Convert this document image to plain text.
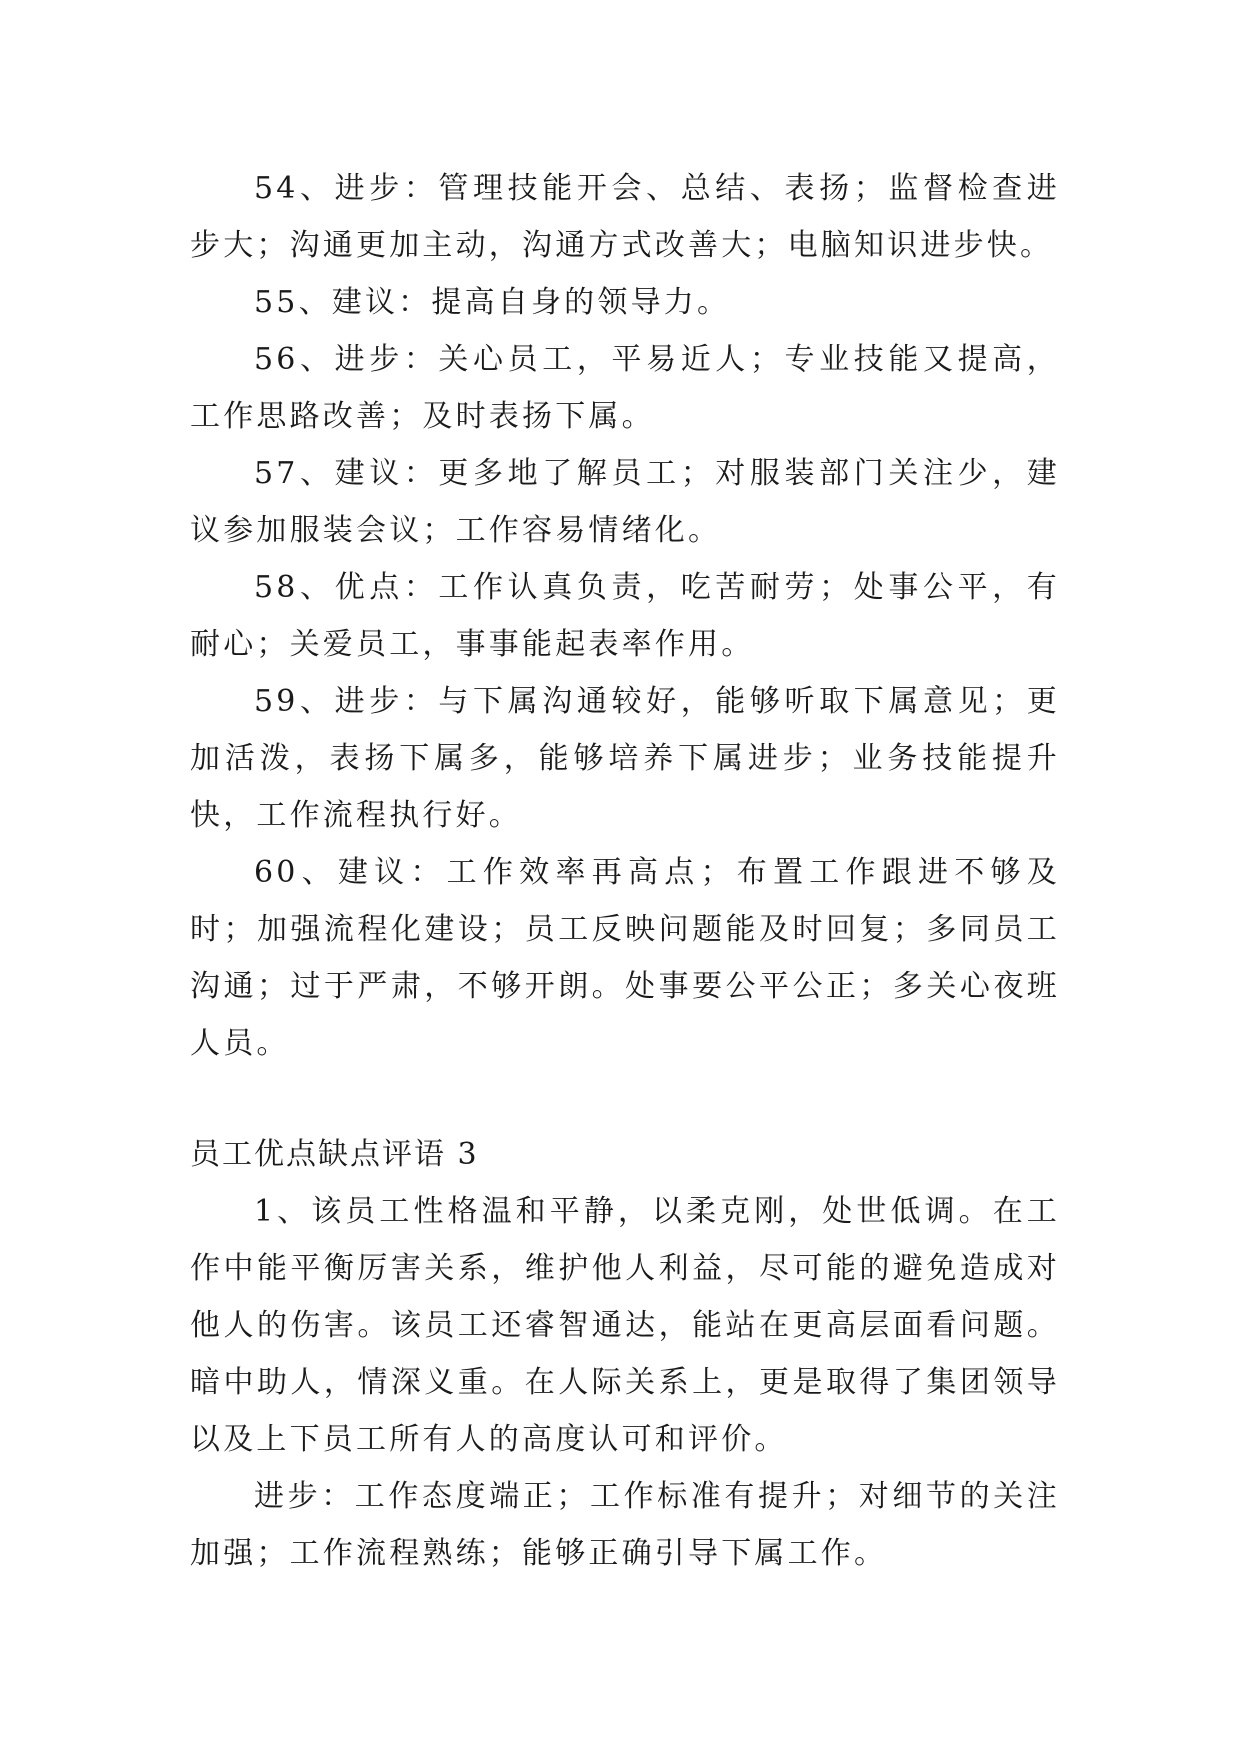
54、进步：管理技能开会、总结、表扬；监督检查进步大；沟通更加主动，沟通方式改善大；电脑知识进步快。

55、建议：提高自身的领导力。

56、进步：关心员工，平易近人；专业技能又提高，工作思路改善；及时表扬下属。

57、建议：更多地了解员工；对服装部门关注少，建议参加服装会议；工作容易情绪化。

58、优点：工作认真负责，吃苦耐劳；处事公平，有耐心；关爱员工，事事能起表率作用。

59、进步：与下属沟通较好，能够听取下属意见；更加活泼，表扬下属多，能够培养下属进步；业务技能提升快，工作流程执行好。

60、建议：工作效率再高点；布置工作跟进不够及时；加强流程化建设；员工反映问题能及时回复；多同员工沟通；过于严肃，不够开朗。处事要公平公正；多关心夜班人员。

员工优点缺点评语 3

1、该员工性格温和平静，以柔克刚，处世低调。在工作中能平衡厉害关系，维护他人利益，尽可能的避免造成对他人的伤害。该员工还睿智通达，能站在更高层面看问题。暗中助人，情深义重。在人际关系上，更是取得了集团领导以及上下员工所有人的高度认可和评价。

进步：工作态度端正；工作标准有提升；对细节的关注加强；工作流程熟练；能够正确引导下属工作。
